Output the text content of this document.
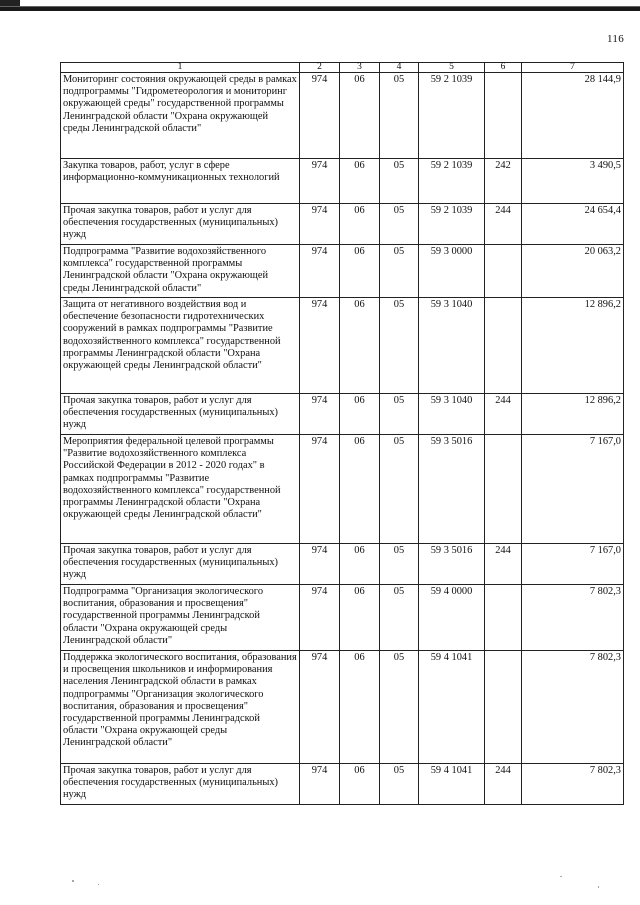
116
1	2	3	4	5	6	7
Мониторинг состояния окружающей среды в рамках подпрограммы "Гидрометеорология и мониторинг окружающей среды" государственной программы Ленинградской области "Охрана окружающей среды Ленинградской области"	974	06	05	59 2 1039		28 144,9
Закупка товаров, работ, услуг в сфере информационно-коммуникационных технологий	974	06	05	59 2 1039	242	3 490,5
Прочая закупка товаров, работ и услуг для обеспечения государственных (муниципальных) нужд	974	06	05	59 2 1039	244	24 654,4
Подпрограмма "Развитие водохозяйственного комплекса" государственной программы Ленинградской области "Охрана окружающей среды Ленинградской области"	974	06	05	59 3 0000		20 063,2
Защита от негативного воздействия вод и обеспечение безопасности гидротехнических сооружений в рамках подпрограммы "Развитие водохозяйственного комплекса" государственной программы Ленинградской области "Охрана окружающей среды Ленинградской области"	974	06	05	59 3 1040		12 896,2
Прочая закупка товаров, работ и услуг для обеспечения государственных (муниципальных) нужд	974	06	05	59 3 1040	244	12 896,2
Мероприятия федеральной целевой программы "Развитие водохозяйственного комплекса Российской Федерации в 2012 - 2020 годах" в рамках подпрограммы "Развитие водохозяйственного комплекса" государственной программы Ленинградской области "Охрана окружающей среды Ленинградской области"	974	06	05	59 3 5016		7 167,0
Прочая закупка товаров, работ и услуг для обеспечения государственных (муниципальных) нужд	974	06	05	59 3 5016	244	7 167,0
Подпрограмма "Организация экологического воспитания, образования и просвещения" государственной программы Ленинградской области "Охрана окружающей среды Ленинградской области"	974	06	05	59 4 0000		7 802,3
Поддержка экологического воспитания, образования и просвещения школьников и информирования населения Ленинградской области в рамках подпрограммы "Организация экологического воспитания, образования и просвещения" государственной программы Ленинградской области "Охрана окружающей среды Ленинградской области"	974	06	05	59 4 1041		7 802,3
Прочая закупка товаров, работ и услуг для обеспечения государственных (муниципальных) нужд	974	06	05	59 4 1041	244	7 802,3
